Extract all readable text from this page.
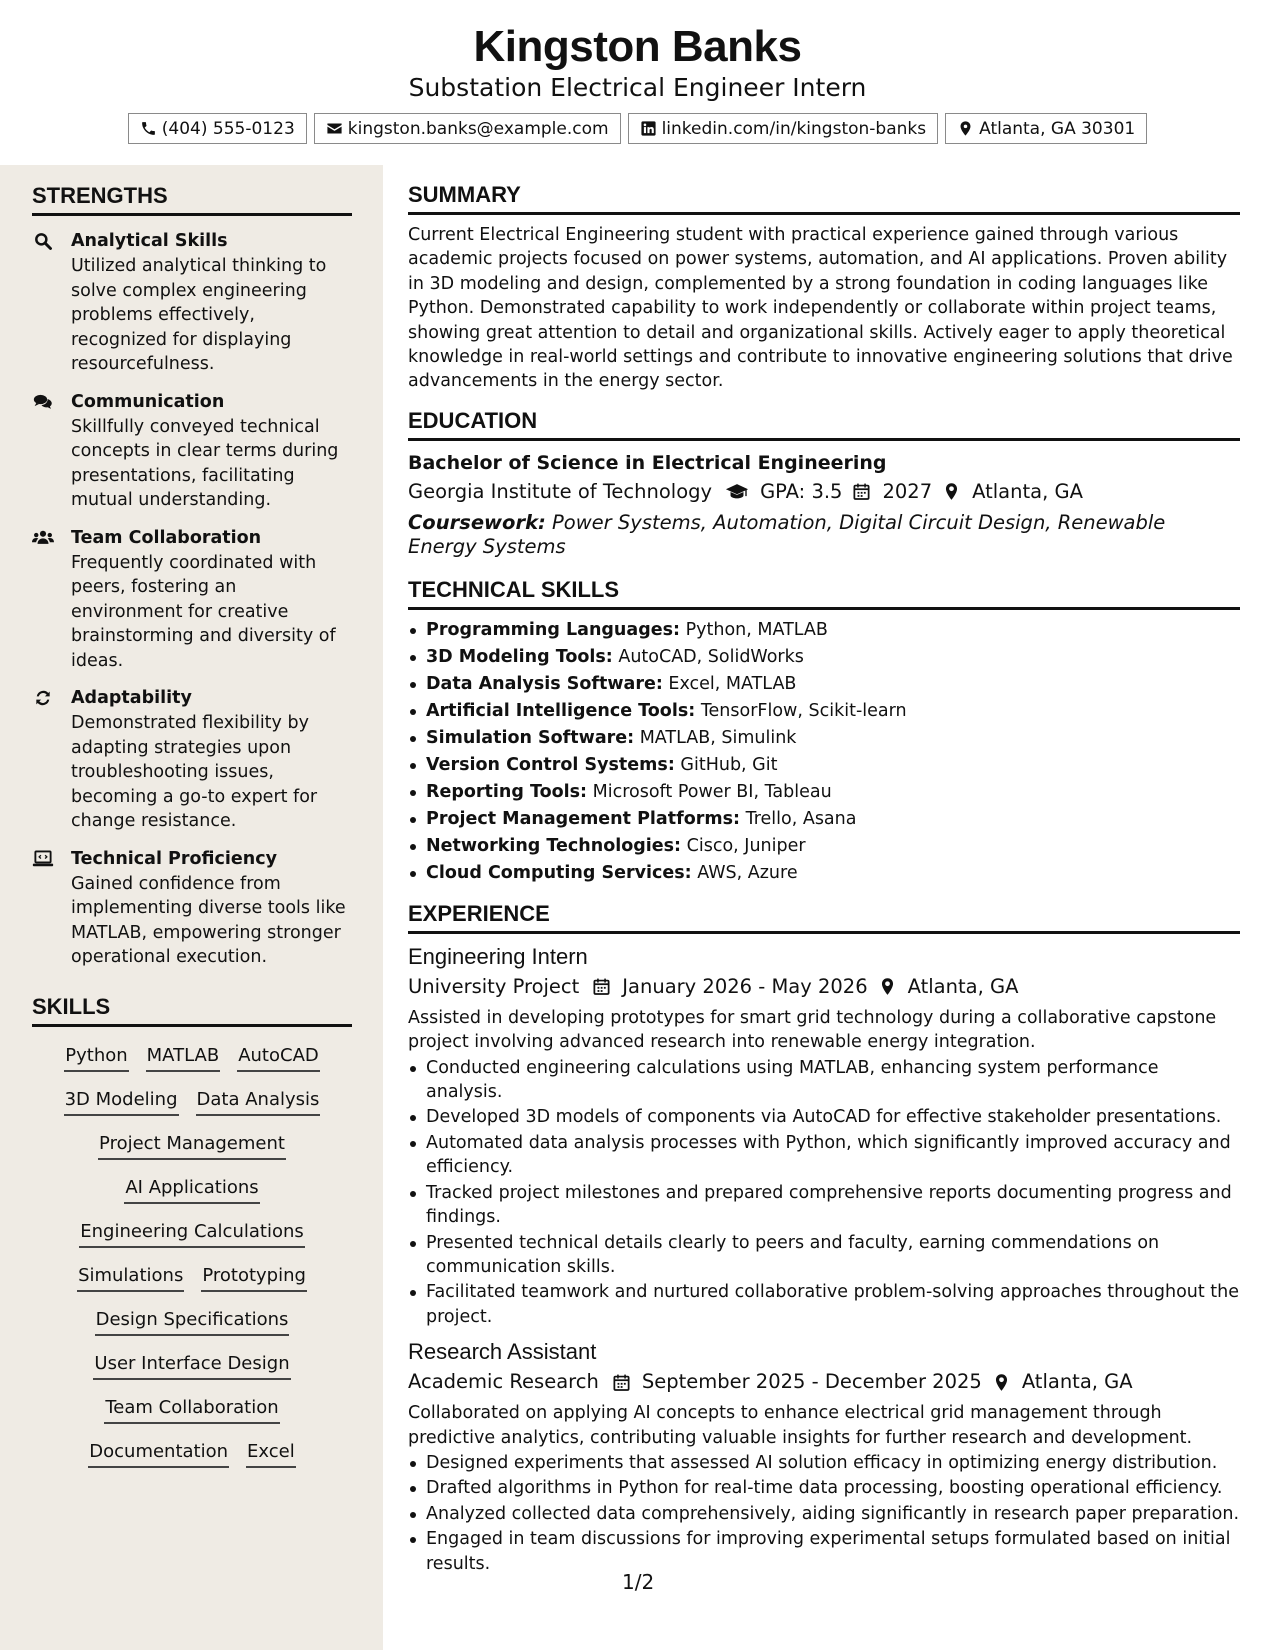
Kingston Banks
Substation Electrical Engineer Intern
(404) 555-0123	kingston.banks@example.com	linkedin.com/in/kingston-banks	Atlanta, GA 30301
STRENGTHS
Analytical Skills
Utilized analytical thinking to solve complex engineering problems effectively, recognized for displaying resourcefulness.
Communication
Skillfully conveyed technical concepts in clear terms during presentations, facilitating mutual understanding.
Team Collaboration
Frequently coordinated with peers, fostering an environment for creative brainstorming and diversity of ideas.
Adaptability
Demonstrated flexibility by adapting strategies upon troubleshooting issues, becoming a go-to expert for change resistance.
Technical Proficiency
Gained confidence from implementing diverse tools like MATLAB, empowering stronger operational execution.
SKILLS
Python MATLAB AutoCAD
3D Modeling Data Analysis
Project Management
AI Applications
Engineering Calculations
Simulations Prototyping
Design Specifications
User Interface Design
Team Collaboration
Documentation Excel
SUMMARY
Current Electrical Engineering student with practical experience gained through various academic projects focused on power systems, automation, and AI applications. Proven ability in 3D modeling and design, complemented by a strong foundation in coding languages like Python. Demonstrated capability to work independently or collaborate within project teams, showing great attention to detail and organizational skills. Actively eager to apply theoretical knowledge in real-world settings and contribute to innovative engineering solutions that drive advancements in the energy sector.
EDUCATION
Bachelor of Science in Electrical Engineering
Georgia Institute of Technology GPA: 3.5 2027 Atlanta, GA
Coursework: Power Systems, Automation, Digital Circuit Design, Renewable Energy Systems
TECHNICAL SKILLS
Programming Languages: Python, MATLAB
3D Modeling Tools: AutoCAD, SolidWorks
Data Analysis Software: Excel, MATLAB
Artificial Intelligence Tools: TensorFlow, Scikit-learn
Simulation Software: MATLAB, Simulink
Version Control Systems: GitHub, Git
Reporting Tools: Microsoft Power BI, Tableau
Project Management Platforms: Trello, Asana
Networking Technologies: Cisco, Juniper
Cloud Computing Services: AWS, Azure
EXPERIENCE
Engineering Intern
University Project January 2026 - May 2026 Atlanta, GA
Assisted in developing prototypes for smart grid technology during a collaborative capstone project involving advanced research into renewable energy integration.
Conducted engineering calculations using MATLAB, enhancing system performance analysis.
Developed 3D models of components via AutoCAD for effective stakeholder presentations.
Automated data analysis processes with Python, which significantly improved accuracy and efficiency.
Tracked project milestones and prepared comprehensive reports documenting progress and findings.
Presented technical details clearly to peers and faculty, earning commendations on communication skills.
Facilitated teamwork and nurtured collaborative problem-solving approaches throughout the project.
Research Assistant
Academic Research September 2025 - December 2025 Atlanta, GA
Collaborated on applying AI concepts to enhance electrical grid management through predictive analytics, contributing valuable insights for further research and development.
Designed experiments that assessed AI solution efficacy in optimizing energy distribution.
Drafted algorithms in Python for real-time data processing, boosting operational efficiency.
Analyzed collected data comprehensively, aiding significantly in research paper preparation.
Engaged in team discussions for improving experimental setups formulated based on initial results.
1/2
